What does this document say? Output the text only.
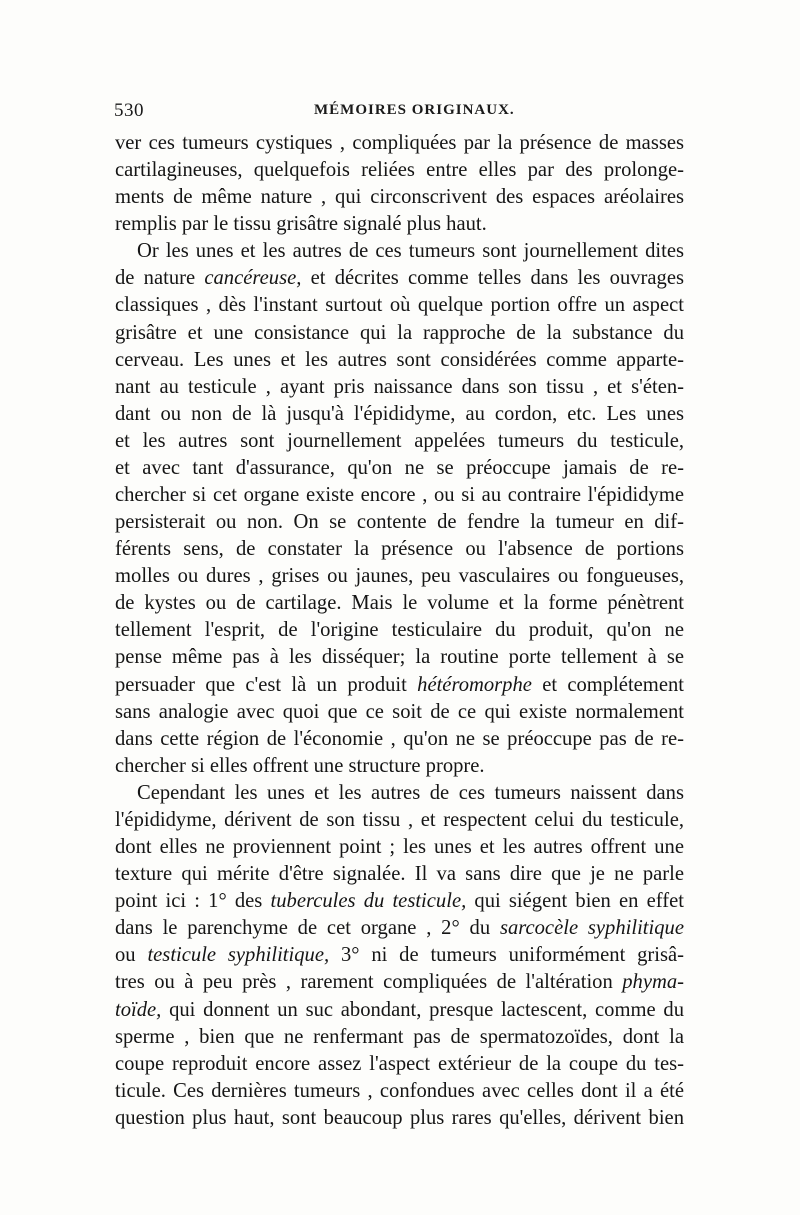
530	MÉMOIRES ORIGINAUX.
ver ces tumeurs cystiques , compliquées par la présence de masses
cartilagineuses, quelquefois reliées entre elles par des prolonge-
ments de même nature , qui circonscrivent des espaces aréolaires
remplis par le tissu grisâtre signalé plus haut.
Or les unes et les autres de ces tumeurs sont journellement dites
de nature cancéreuse, et décrites comme telles dans les ouvrages
classiques , dès l'instant surtout où quelque portion offre un aspect
grisâtre et une consistance qui la rapproche de la substance du
cerveau. Les unes et les autres sont considérées comme apparte-
nant au testicule , ayant pris naissance dans son tissu , et s'éten-
dant ou non de là jusqu'à l'épididyme, au cordon, etc. Les unes
et les autres sont journellement appelées tumeurs du testicule,
et avec tant d'assurance, qu'on ne se préoccupe jamais de re-
chercher si cet organe existe encore , ou si au contraire l'épididyme
persisterait ou non. On se contente de fendre la tumeur en dif-
férents sens, de constater la présence ou l'absence de portions
molles ou dures , grises ou jaunes, peu vasculaires ou fongueuses,
de kystes ou de cartilage. Mais le volume et la forme pénètrent
tellement l'esprit, de l'origine testiculaire du produit, qu'on ne
pense même pas à les disséquer; la routine porte tellement à se
persuader que c'est là un produit hétéromorphe et complétement
sans analogie avec quoi que ce soit de ce qui existe normalement
dans cette région de l'économie , qu'on ne se préoccupe pas de re-
chercher si elles offrent une structure propre.
Cependant les unes et les autres de ces tumeurs naissent dans
l'épididyme, dérivent de son tissu , et respectent celui du testicule,
dont elles ne proviennent point ; les unes et les autres offrent une
texture qui mérite d'être signalée. Il va sans dire que je ne parle
point ici : 1° des tubercules du testicule, qui siégent bien en effet
dans le parenchyme de cet organe , 2° du sarcocèle syphilitique
ou testicule syphilitique, 3° ni de tumeurs uniformément grisâ-
tres ou à peu près , rarement compliquées de l'altération phyma-
toïde, qui donnent un suc abondant, presque lactescent, comme du
sperme , bien que ne renfermant pas de spermatozoïdes, dont la
coupe reproduit encore assez l'aspect extérieur de la coupe du tes-
ticule. Ces dernières tumeurs , confondues avec celles dont il a été
question plus haut, sont beaucoup plus rares qu'elles, dérivent bien
